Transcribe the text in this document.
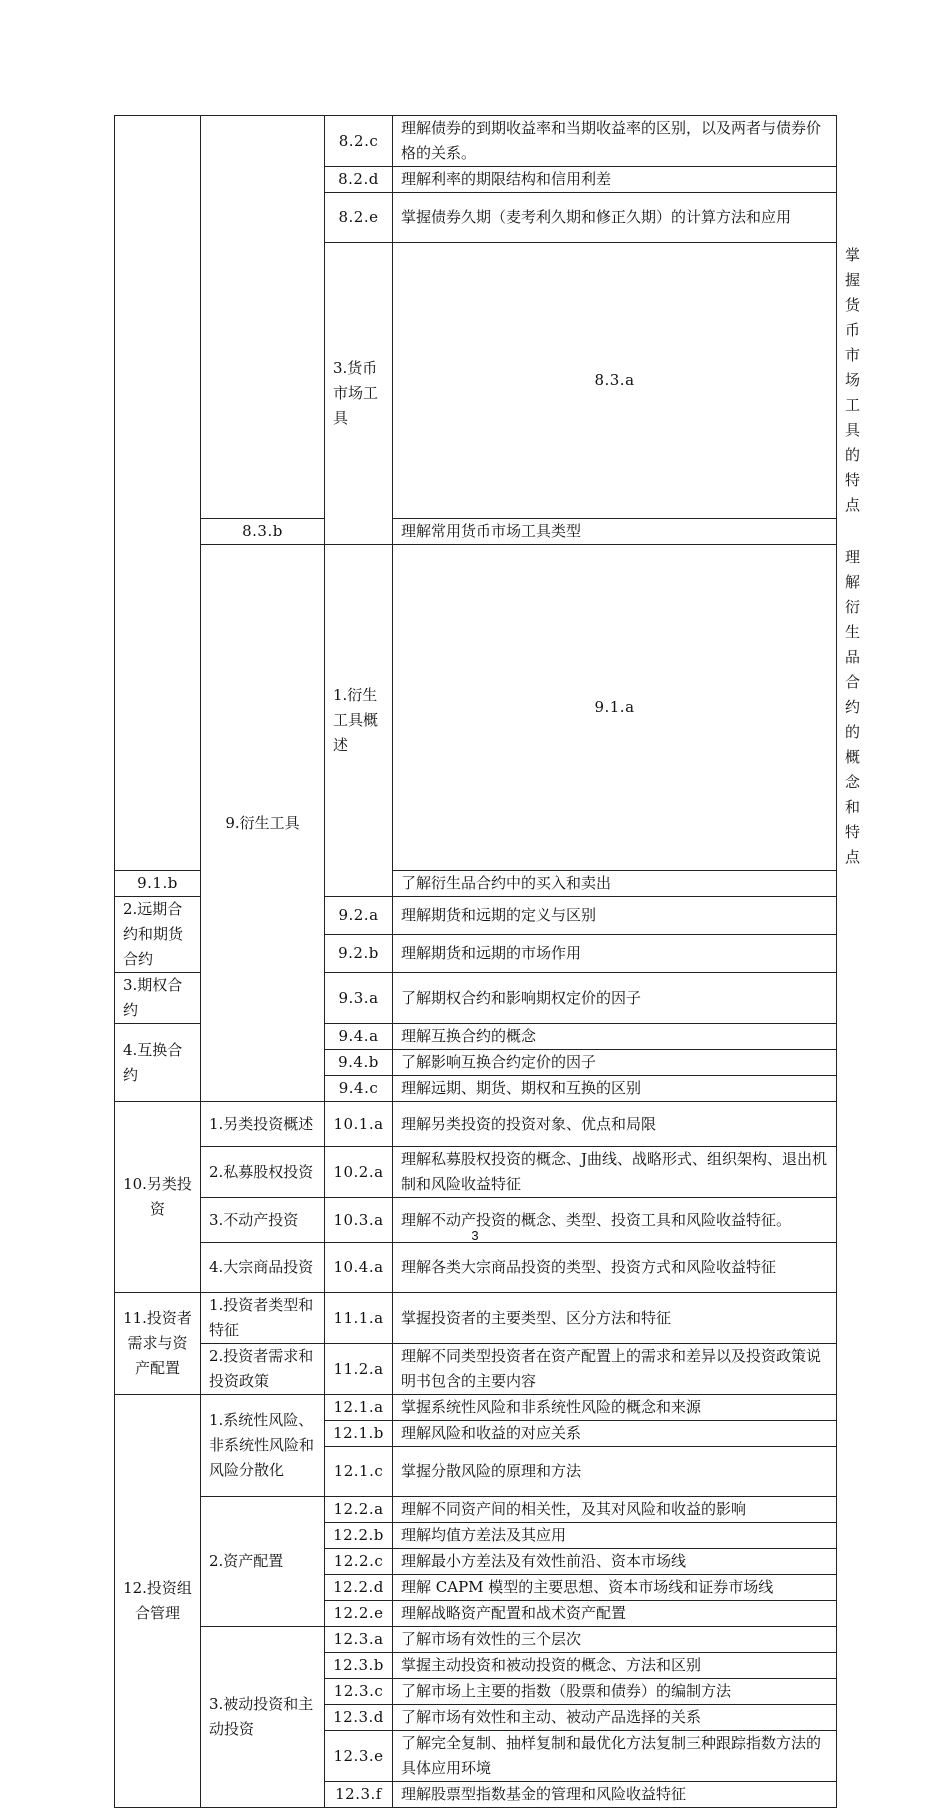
		8.2.c	理解债券的到期收益率和当期收益率的区别，以及两者与债券价格的关系。	
		8.2.d	理解利率的期限结构和信用利差	
		8.2.e	掌握债券久期（麦考利久期和修正久期）的计算方法和应用	
		3.货币市场工具	8.3.a	掌握货币市场工具的特点
	8.3.b		理解常用货币市场工具类型	
	9.衍生工具	1.衍生工具概述	9.1.a	理解衍生品合约的概念和特点
9.1.b			了解衍生品合约中的买入和卖出	
2.远期合约和期货合约		9.2.a	理解期货和远期的定义与区别	
		9.2.b	理解期货和远期的市场作用	
3.期权合约		9.3.a	了解期权合约和影响期权定价的因子	
4.互换合约		9.4.a	理解互换合约的概念	
		9.4.b	了解影响互换合约定价的因子	
		9.4.c	理解远期、期货、期权和互换的区别	
10.另类投资	1.另类投资概述	10.1.a	理解另类投资的投资对象、优点和局限	
	2.私募股权投资	10.2.a	理解私募股权投资的概念、J曲线、战略形式、组织架构、退出机制和风险收益特征	
	3.不动产投资	10.3.a	理解不动产投资的概念、类型、投资工具和风险收益特征。	
	4.大宗商品投资	10.4.a	理解各类大宗商品投资的类型、投资方式和风险收益特征	
11.投资者需求与资产配置	1.投资者类型和特征	11.1.a	掌握投资者的主要类型、区分方法和特征	
	2.投资者需求和投资政策	11.2.a	理解不同类型投资者在资产配置上的需求和差异以及投资政策说明书包含的主要内容	
12.投资组合管理	1.系统性风险、非系统性风险和风险分散化	12.1.a	掌握系统性风险和非系统性风险的概念和来源	
		12.1.b	理解风险和收益的对应关系	
		12.1.c	掌握分散风险的原理和方法	
	2.资产配置	12.2.a	理解不同资产间的相关性，及其对风险和收益的影响	
		12.2.b	理解均值方差法及其应用	
		12.2.c	理解最小方差法及有效性前沿、资本市场线	
		12.2.d	理解 CAPM 模型的主要思想、资本市场线和证券市场线	
		12.2.e	理解战略资产配置和战术资产配置	
	3.被动投资和主动投资	12.3.a	了解市场有效性的三个层次	
		12.3.b	掌握主动投资和被动投资的概念、方法和区别	
		12.3.c	了解市场上主要的指数（股票和债券）的编制方法	
		12.3.d	了解市场有效性和主动、被动产品选择的关系	
		12.3.e	了解完全复制、抽样复制和最优化方法复制三种跟踪指数方法的具体应用环境	
		12.3.f	理解股票型指数基金的管理和风险收益特征	
3
